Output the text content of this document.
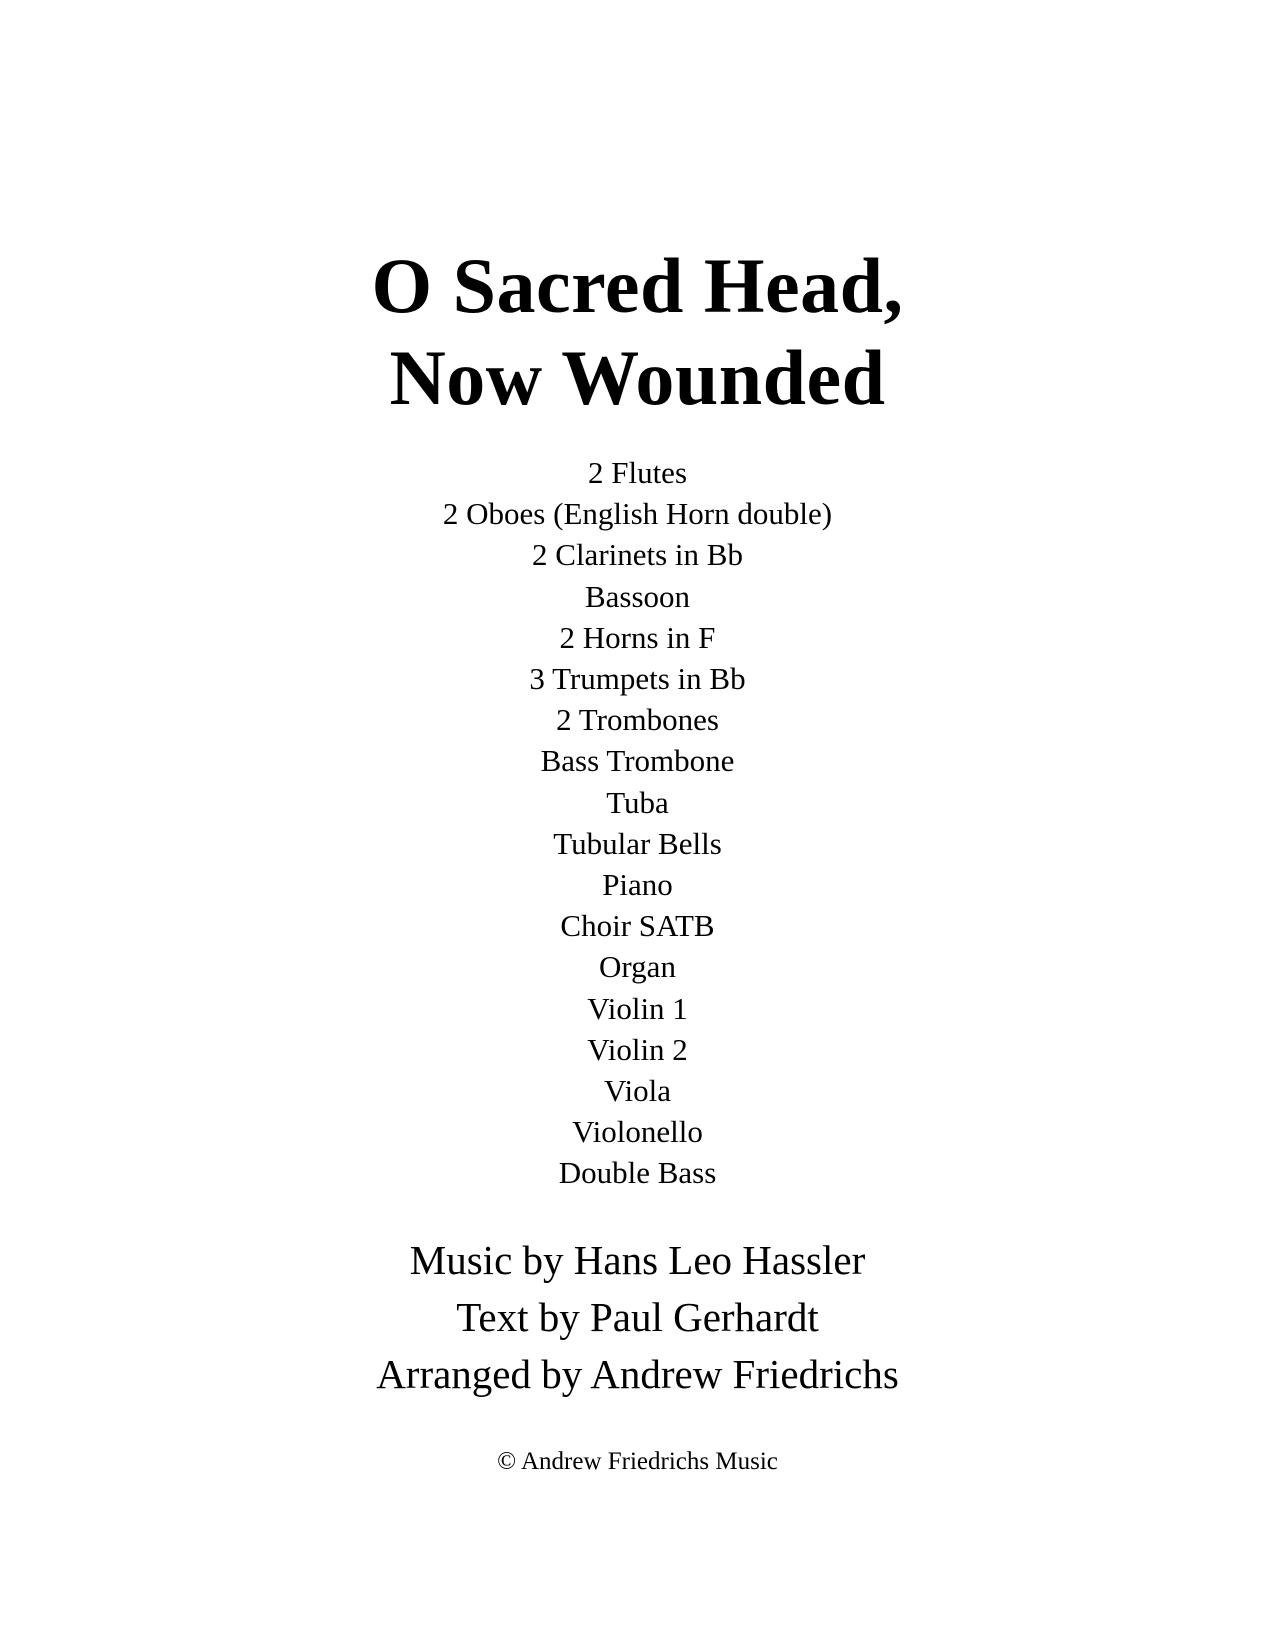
O Sacred Head,
Now Wounded
2 Flutes
2 Oboes (English Horn double)
2 Clarinets in Bb
Bassoon
2 Horns in F
3 Trumpets in Bb
2 Trombones
Bass Trombone
Tuba
Tubular Bells
Piano
Choir SATB
Organ
Violin 1
Violin 2
Viola
Violonello
Double Bass
Music by Hans Leo Hassler
Text by Paul Gerhardt
Arranged by Andrew Friedrichs
© Andrew Friedrichs Music
